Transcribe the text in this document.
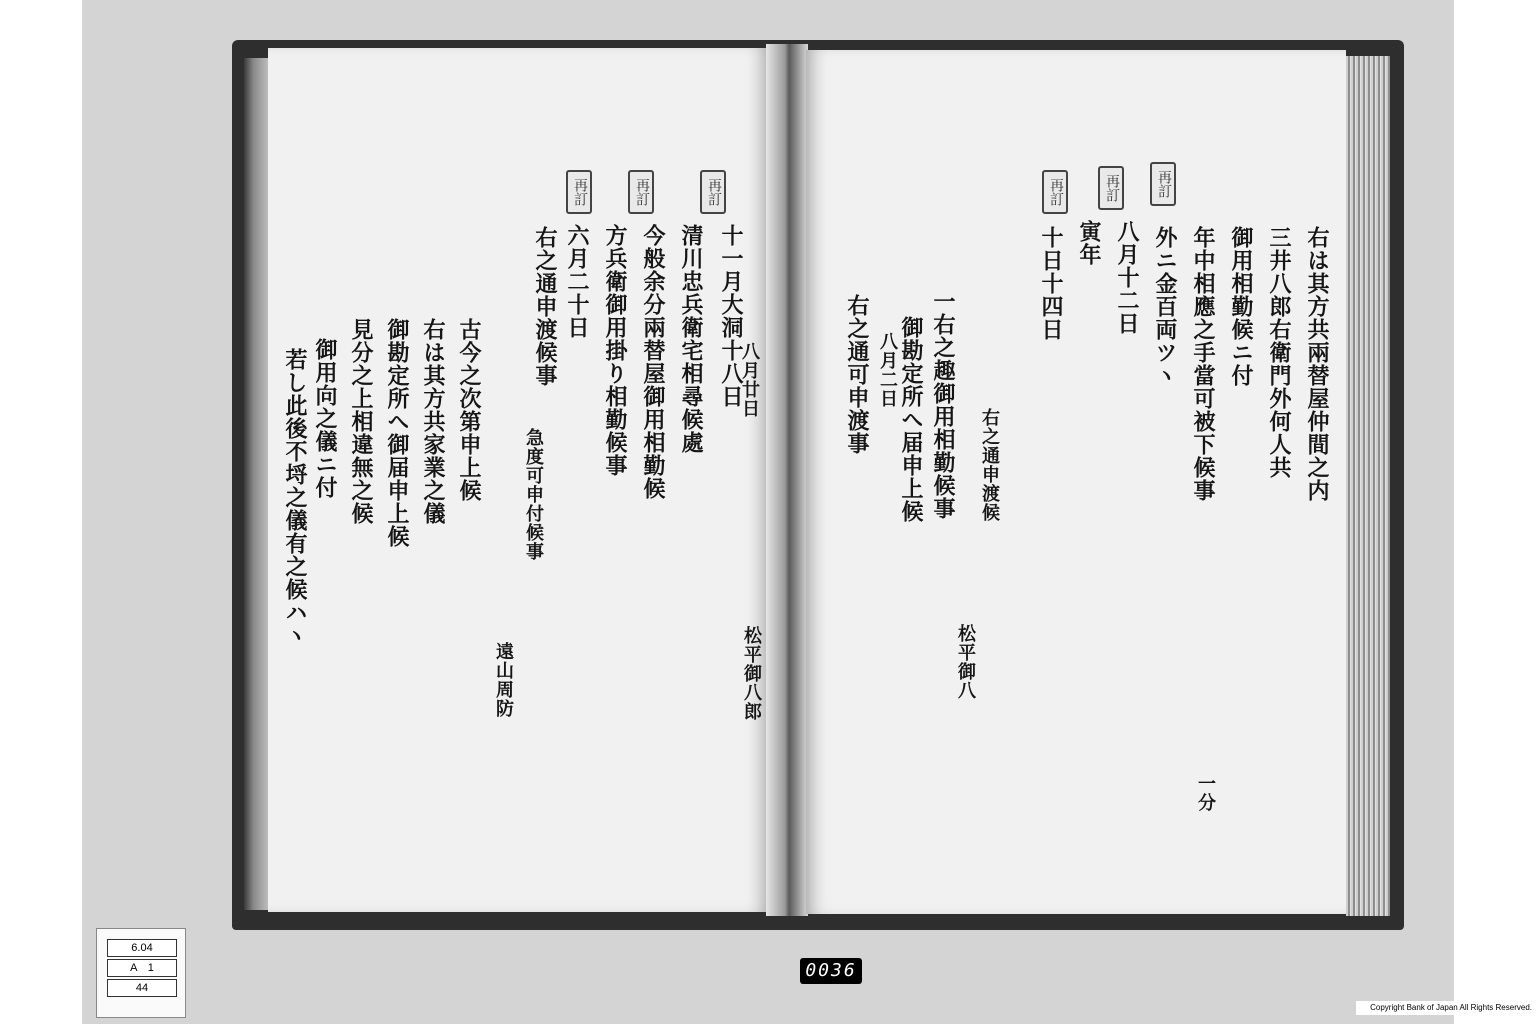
再訂	再訂	再訂
十一月大洞十八日
清川忠兵衛宅相尋候處
今般余分兩替屋御用相勤候
方兵衛御用掛り相勤候事
六月二十日
八月廿日
右之通申渡候事
松平御八郎
古今之次第申上候
右は其方共家業之儀
御勘定所へ御届申上候
見分之上相違無之候
御用向之儀ニ付
若し此後不埒之儀有之候ハヽ	急度可申付候事
遠山周防
再訂	再訂	再訂
右は其方共兩替屋仲間之内
三井八郎右衛門外何人共
御用相勤候ニ付
年中相應之手當可被下候事
外ニ金百両ツヽ
一分
八月十二日
寅年
十日十四日
松平御八
右之通申渡候
一右之趣御用相勤候事
御勘定所へ届申上候
八月二日
右之通可申渡事
6.04
A　1
44
0036
Copyright Bank of Japan All Rights Reserved.
